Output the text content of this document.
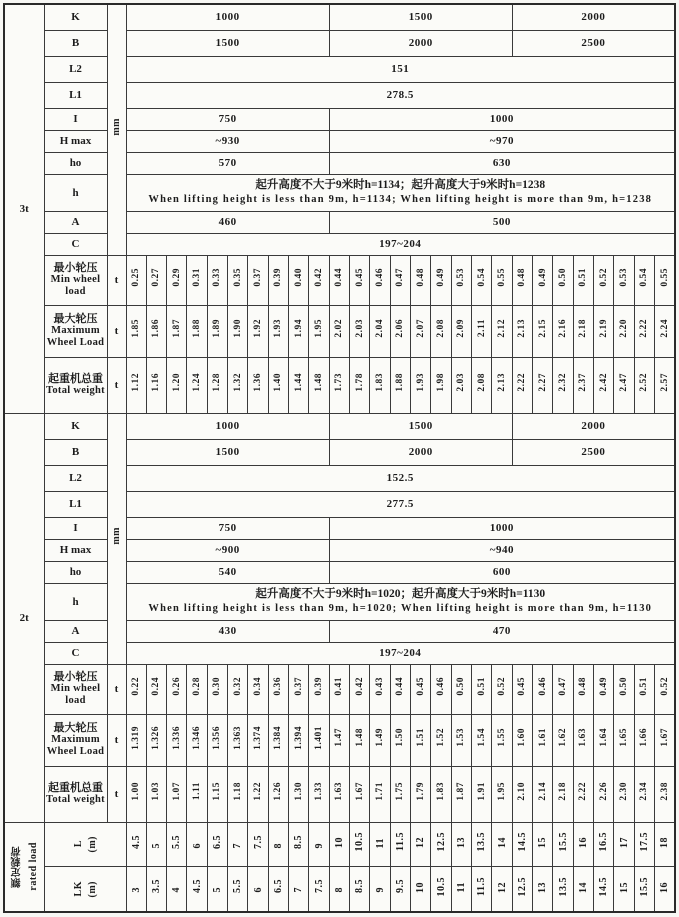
3t	K	mm	1000										1500									2000							
	B		1500										2000									2500							
	L2		151																										
	L1		278.5																										
	I		750										1000																
	H max		~930										~970																
	ho		570										630																
	h		起升高度不大于9米时h=1134；起升高度大于9米时h=1238
When lifting height is less than 9m, h=1134; When lifting height is more than 9m, h=1238																										

	A		460										500																
	C		197~204																										

	最小轮压
Min wheel load	t	0.25	0.27	0.29	0.31	0.33	0.35	0.37	0.39	0.40	0.42	0.44	0.45	0.46	0.47	0.48	0.49	0.53	0.54	0.55	0.48	0.49	0.50	0.51	0.52	0.53	0.54	0.55

	最大轮压
Maximum Wheel Load	t	1.85	1.86	1.87	1.88	1.89	1.90	1.92	1.93	1.94	1.95	2.02	2.03	2.04	2.06	2.07	2.08	2.09	2.11	2.12	2.13	2.15	2.16	2.18	2.19	2.20	2.22	2.24

	起重机总重
Total weight	t	1.12	1.16	1.20	1.24	1.28	1.32	1.36	1.40	1.44	1.48	1.73	1.78	1.83	1.88	1.93	1.98	2.03	2.08	2.13	2.22	2.27	2.32	2.37	2.42	2.47	2.52	2.57
2t	K	mm	1000										1500									2000							
	B		1500										2000									2500							
	L2		152.5																										
	L1		277.5																										
	I		750										1000																
	H max		~900										~940																
	ho		540										600																
	h		起升高度不大于9米时h=1020；起升高度大于9米时h=1130
When lifting height is less than 9m, h=1020; When lifting height is more than 9m, h=1130																										

	A		430										470																
	C		197~204																										

	最小轮压
Min wheel load	t	0.22	0.24	0.26	0.28	0.30	0.32	0.34	0.36	0.37	0.39	0.41	0.42	0.43	0.44	0.45	0.46	0.50	0.51	0.52	0.45	0.46	0.47	0.48	0.49	0.50	0.51	0.52

	最大轮压
Maximum Wheel Load	t	1.319	1.326	1.336	1.346	1.356	1.363	1.374	1.384	1.394	1.401	1.47	1.48	1.49	1.50	1.51	1.52	1.53	1.54	1.55	1.60	1.61	1.62	1.63	1.64	1.65	1.66	1.67

	起重机总重
Total weight	t	1.00	1.03	1.07	1.11	1.15	1.18	1.22	1.26	1.30	1.33	1.63	1.67	1.71	1.75	1.79	1.83	1.87	1.91	1.95	2.10	2.14	2.18	2.22	2.26	2.30	2.34	2.38

额定载荷 rated load	L (m)		4.5	5	5.5	6	6.5	7	7.5	8	8.5	9	10	10.5	11	11.5	12	12.5	13	13.5	14	14.5	15	15.5	16	16.5	17	17.5	18

	LK (m)		3	3.5	4	4.5	5	5.5	6	6.5	7	7.5	8	8.5	9	9.5	10	10.5	11	11.5	12	12.5	13	13.5	14	14.5	15	15.5	16
